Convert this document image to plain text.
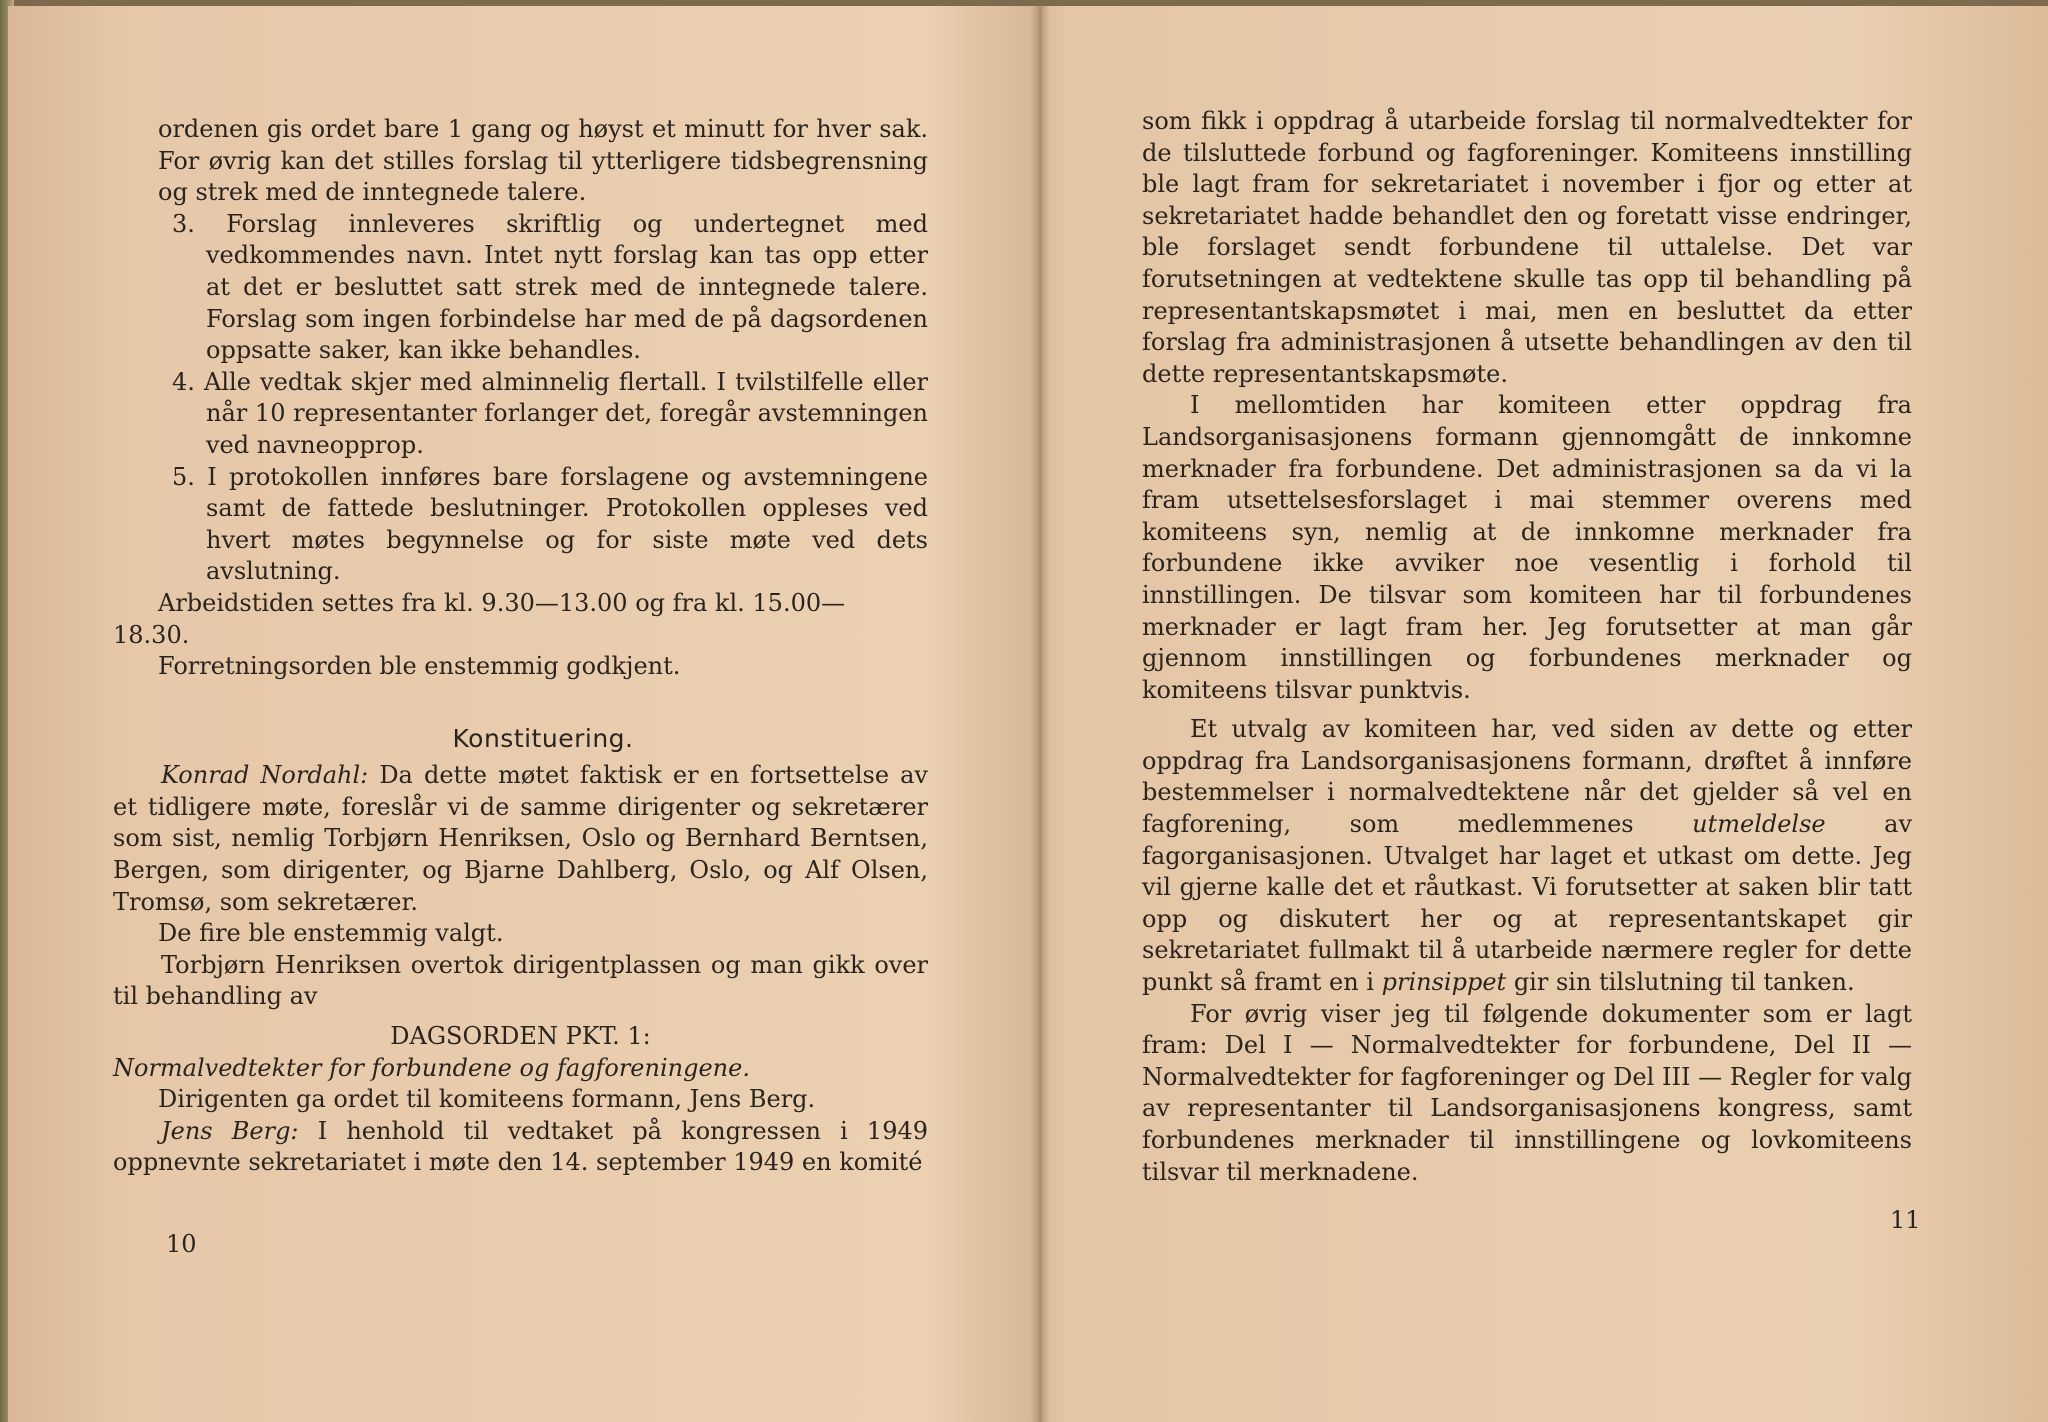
ordenen gis ordet bare 1 gang og høyst et minutt for hver sak. For øvrig kan det stilles forslag til ytterligere tidsbegrensning og strek med de inntegnede talere.

3. Forslag innleveres skriftlig og undertegnet med vedkommendes navn. Intet nytt forslag kan tas opp etter at det er besluttet satt strek med de inntegnede talere. Forslag som ingen forbindelse har med de på dagsordenen oppsatte saker, kan ikke behandles.

4. Alle vedtak skjer med alminnelig flertall. I tvilstilfelle eller når 10 representanter forlanger det, foregår avstemningen ved navneopprop.

5. I protokollen innføres bare forslagene og avstemningene samt de fattede beslutninger. Protokollen oppleses ved hvert møtes begynnelse og for siste møte ved dets avslutning.

Arbeidstiden settes fra kl. 9.30—13.00 og fra kl. 15.00—

18.30.

Forretningsorden ble enstemmig godkjent.

Konstituering.

Konrad Nordahl: Da dette møtet faktisk er en fortsettelse av et tidligere møte, foreslår vi de samme dirigenter og sekretærer som sist, nemlig Torbjørn Henriksen, Oslo og Bernhard Berntsen, Bergen, som dirigenter, og Bjarne Dahlberg, Oslo, og Alf Olsen, Tromsø, som sekretærer.

De fire ble enstemmig valgt.

Torbjørn Henriksen overtok dirigentplassen og man gikk over til behandling av

DAGSORDEN PKT. 1:

Normalvedtekter for forbundene og fagforeningene.

Dirigenten ga ordet til komiteens formann, Jens Berg.

Jens Berg: I henhold til vedtaket på kongressen i 1949 oppnevnte sekretariatet i møte den 14. september 1949 en komité

10

som fikk i oppdrag å utarbeide forslag til normalvedtekter for de tilsluttede forbund og fagforeninger. Komiteens innstilling ble lagt fram for sekretariatet i november i fjor og etter at sekretariatet hadde behandlet den og foretatt visse endringer, ble forslaget sendt forbundene til uttalelse. Det var forutsetningen at vedtektene skulle tas opp til behandling på representantskapsmøtet i mai, men en besluttet da etter forslag fra administrasjonen å utsette behandlingen av den til dette representantskapsmøte.

I mellomtiden har komiteen etter oppdrag fra Landsorganisasjonens formann gjennomgått de innkomne merknader fra forbundene. Det administrasjonen sa da vi la fram utsettelsesforslaget i mai stemmer overens med komiteens syn, nemlig at de innkomne merknader fra forbundene ikke avviker noe vesentlig i forhold til innstillingen. De tilsvar som komiteen har til forbundenes merknader er lagt fram her. Jeg forutsetter at man går gjennom innstillingen og forbundenes merknader og komiteens tilsvar punktvis.

Et utvalg av komiteen har, ved siden av dette og etter oppdrag fra Landsorganisasjonens formann, drøftet å innføre bestemmelser i normalvedtektene når det gjelder så vel en fagforening, som medlemmenes utmeldelse av fagorganisasjonen. Utvalget har laget et utkast om dette. Jeg vil gjerne kalle det et råutkast. Vi forutsetter at saken blir tatt opp og diskutert her og at representantskapet gir sekretariatet fullmakt til å utarbeide nærmere regler for dette punkt så framt en i prinsippet gir sin tilslutning til tanken.

For øvrig viser jeg til følgende dokumenter som er lagt fram: Del I — Normalvedtekter for forbundene, Del II — Normalvedtekter for fagforeninger og Del III — Regler for valg av representanter til Landsorganisasjonens kongress, samt forbundenes merknader til innstillingene og lovkomiteens tilsvar til merknadene.

11
